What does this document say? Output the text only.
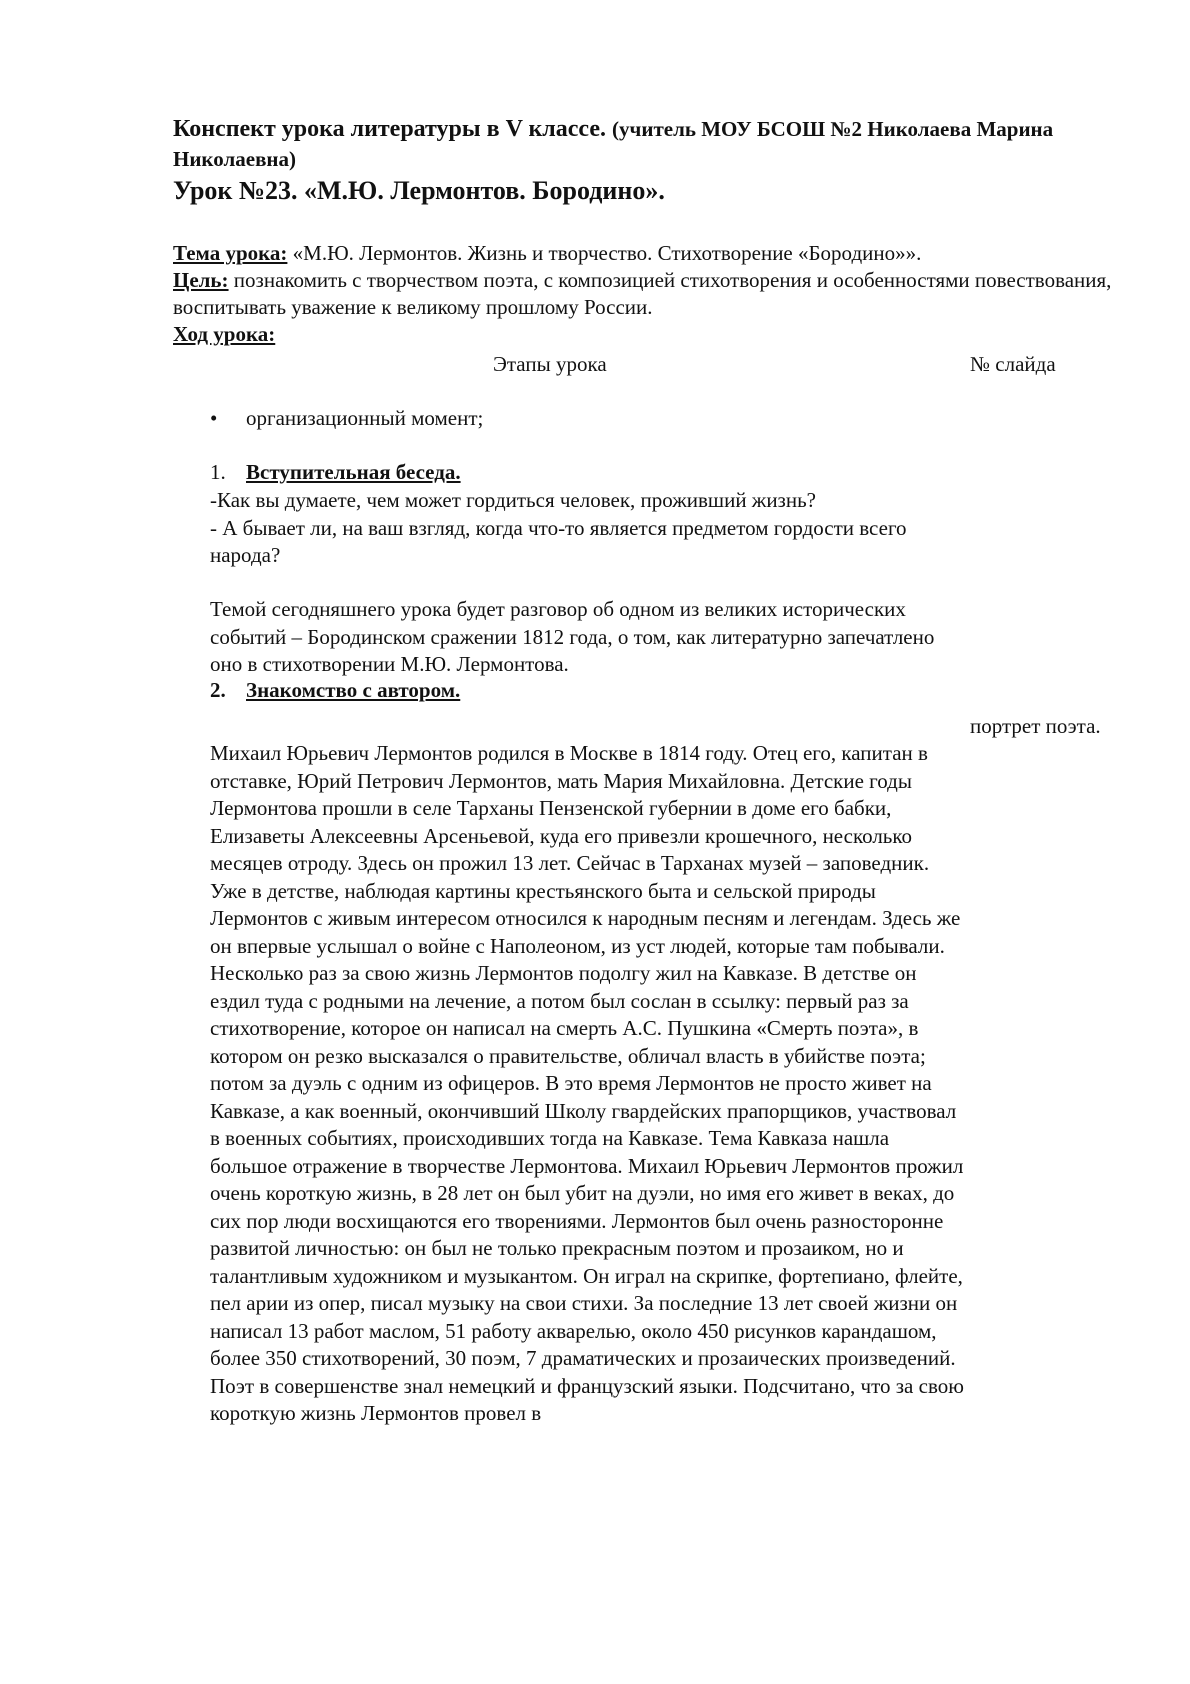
Конспект урока литературы в V классе. (учитель МОУ БСОШ №2 Николаева Марина Николаевна)
Урок №23. «М.Ю. Лермонтов. Бородино».
Тема урока: «М.Ю. Лермонтов. Жизнь и творчество. Стихотворение «Бородино»».
Цель: познакомить с творчеством поэта, с композицией стихотворения и особенностями повествования, воспитывать уважение к великому прошлому России.
Ход урока:
Этапы урока	№ слайда
• организационный момент;
1. Вступительная беседа.

-Как вы думаете, чем может гордиться человек, проживший жизнь?

- А бывает ли, на ваш взгляд, когда что-то является предметом гордости всего народа?

Темой сегодняшнего урока будет разговор об одном из великих исторических событий – Бородинском сражении 1812 года, о том, как литературно запечатлено оно в стихотворении М.Ю. Лермонтова.

2. Знакомство с автором.
портрет поэта.

Михаил Юрьевич Лермонтов родился в Москве в 1814 году. Отец его, капитан в отставке, Юрий Петрович Лермонтов, мать Мария Михайловна. Детские годы Лермонтова прошли в селе Тарханы Пензенской губернии в доме его бабки, Елизаветы Алексеевны Арсеньевой, куда его привезли крошечного, несколько месяцев отроду. Здесь он прожил 13 лет. Сейчас в Тарханах музей – заповедник. Уже в детстве, наблюдая картины крестьянского быта и сельской природы Лермонтов с живым интересом относился к народным песням и легендам. Здесь же он впервые услышал о войне с Наполеоном, из уст людей, которые там побывали.

Несколько раз за свою жизнь Лермонтов подолгу жил на Кавказе. В детстве он ездил туда с родными на лечение, а потом был сослан в ссылку: первый раз за стихотворение, которое он написал на смерть А.С. Пушкина «Смерть поэта», в котором он резко высказался о правительстве, обличал власть в убийстве поэта; потом за дуэль с одним из офицеров. В это время Лермонтов не просто живет на Кавказе, а как военный, окончивший Школу гвардейских прапорщиков, участвовал в военных событиях, происходивших тогда на Кавказе. Тема Кавказа нашла большое отражение в творчестве Лермонтова. Михаил Юрьевич Лермонтов прожил очень короткую жизнь, в 28 лет он был убит на дуэли, но имя его живет в веках, до сих пор люди восхищаются его творениями. Лермонтов был очень разносторонне развитой личностью: он был не только прекрасным поэтом и прозаиком, но и талантливым художником и музыкантом. Он играл на скрипке, фортепиано, флейте, пел арии из опер, писал музыку на свои стихи. За последние 13 лет своей жизни он написал 13 работ маслом, 51 работу акварелью, около 450 рисунков карандашом, более 350 стихотворений, 30 поэм, 7 драматических и прозаических произведений. Поэт в совершенстве знал немецкий и французский языки. Подсчитано, что за свою короткую жизнь Лермонтов провел в
